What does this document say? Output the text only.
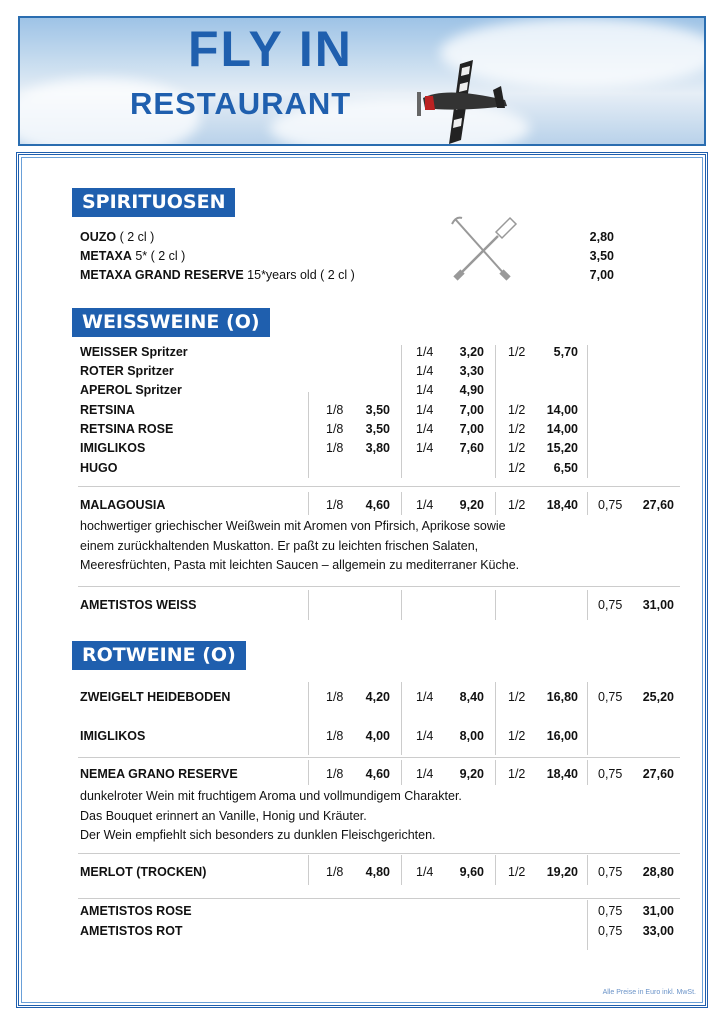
FLY IN
RESTAURANT
SPIRITUOSEN
OUZO ( 2 cl )	2,80
METAXA 5* ( 2 cl )	3,50
METAXA GRAND RESERVE 15*years old ( 2 cl )	7,00
WEISSWEINE (O)
ROTWEINE (O)
WEISSER Spritzer	1/4	3,20 1/2	5,70
ROTER Spritzer	1/4	3,30
APEROL Spritzer	1/4	4,90
RETSINA	1/8	3,50 1/4	7,00 1/2	14,00
RETSINA ROSE	1/8	3,50 1/4	7,00 1/2	14,00
IMIGLIKOS	1/8	3,80 1/4	7,60 1/2	15,20
HUGO	1/2	6,50
MALAGOUSIA	1/8	4,60 1/4	9,20 1/2	18,40 0,75	27,60
AMETISTOS WEISS	0,75	31,00
ZWEIGELT HEIDEBODEN	1/8	4,20 1/4	8,40 1/2	16,80 0,75	25,20
IMIGLIKOS	1/8	4,00 1/4	8,00 1/2	16,00
NEMEA GRANO RESERVE	1/8	4,60 1/4	9,20 1/2	18,40 0,75	27,60
MERLOT (TROCKEN)	1/8	4,80 1/4	9,60 1/2	19,20 0,75	28,80
AMETISTOS ROSE	0,75	31,00
AMETISTOS ROT	0,75	33,00
hochwertiger griechischer Weißwein mit Aromen von Pfirsich, Aprikose sowie
einem zurückhaltenden Muskatton. Er paßt zu leichten frischen Salaten,
Meeresfrüchten, Pasta mit leichten Saucen – allgemein zu mediterraner Küche.
dunkelroter Wein mit fruchtigem Aroma und vollmundigem Charakter.
Das Bouquet erinnert an Vanille, Honig und Kräuter.
Der Wein empfiehlt sich besonders zu dunklen Fleischgerichten.
Alle Preise in Euro inkl. MwSt.
